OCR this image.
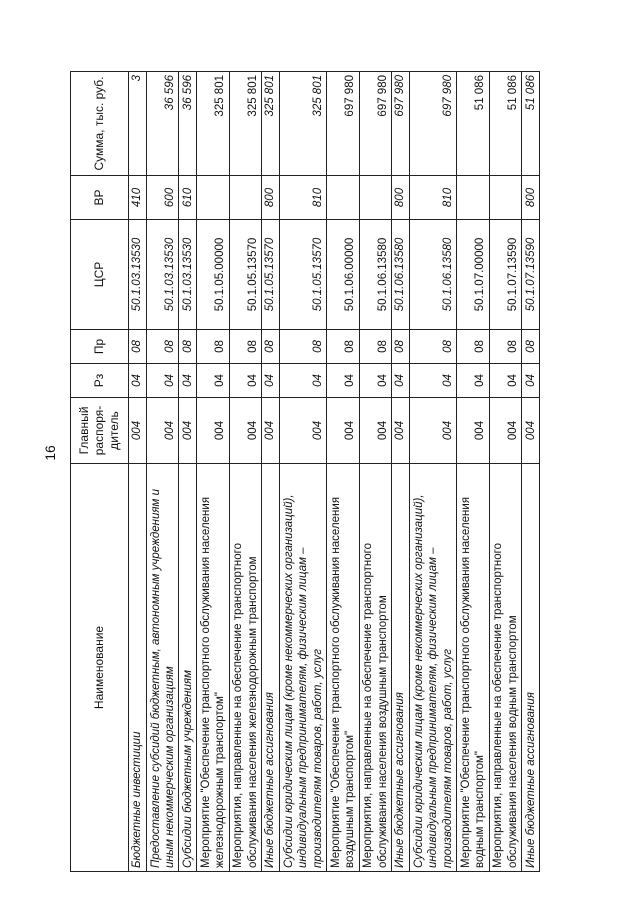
16
Наименование	Главный распоря-дитель	Рз	Пр	ЦСР	ВР	Сумма, тыс. руб.
Бюджетные инвестиции	004	04	08	50.1.03.13530	410	3
Предоставление субсидий бюджетным, автономным учреждениям и иным некоммерческим организациям	004	04	08	50.1.03.13530	600	36 596
Субсидии бюджетным учреждениям	004	04	08	50.1.03.13530	610	36 596
Мероприятие "Обеспечение транспортного обслуживания населения железнодорожным транспортом"	004	04	08	50.1.05.00000		325 801
Мероприятия, направленные на обеспечение транспортного обслуживания населения железнодорожным транспортом	004	04	08	50.1.05.13570		325 801
Иные бюджетные ассигнования	004	04	08	50.1.05.13570	800	325 801
Субсидии юридическим лицам (кроме некоммерческих организаций), индивидуальным предпринимателям, физическим лицам – производителям товаров, работ, услуг	004	04	08	50.1.05.13570	810	325 801
Мероприятие "Обеспечение транспортного обслуживания населения воздушным транспортом"	004	04	08	50.1.06.00000		697 980
Мероприятия, направленные на обеспечение транспортного обслуживания населения воздушным транспортом	004	04	08	50.1.06.13580		697 980
Иные бюджетные ассигнования	004	04	08	50.1.06.13580	800	697 980
Субсидии юридическим лицам (кроме некоммерческих организаций), индивидуальным предпринимателям, физическим лицам – производителям товаров, работ, услуг	004	04	08	50.1.06.13580	810	697 980
Мероприятие "Обеспечение транспортного обслуживания населения водным транспортом"	004	04	08	50.1.07.00000		51 086
Мероприятия, направленные на обеспечение транспортного обслуживания населения водным транспортом	004	04	08	50.1.07.13590		51 086
Иные бюджетные ассигнования	004	04	08	50.1.07.13590	800	51 086
